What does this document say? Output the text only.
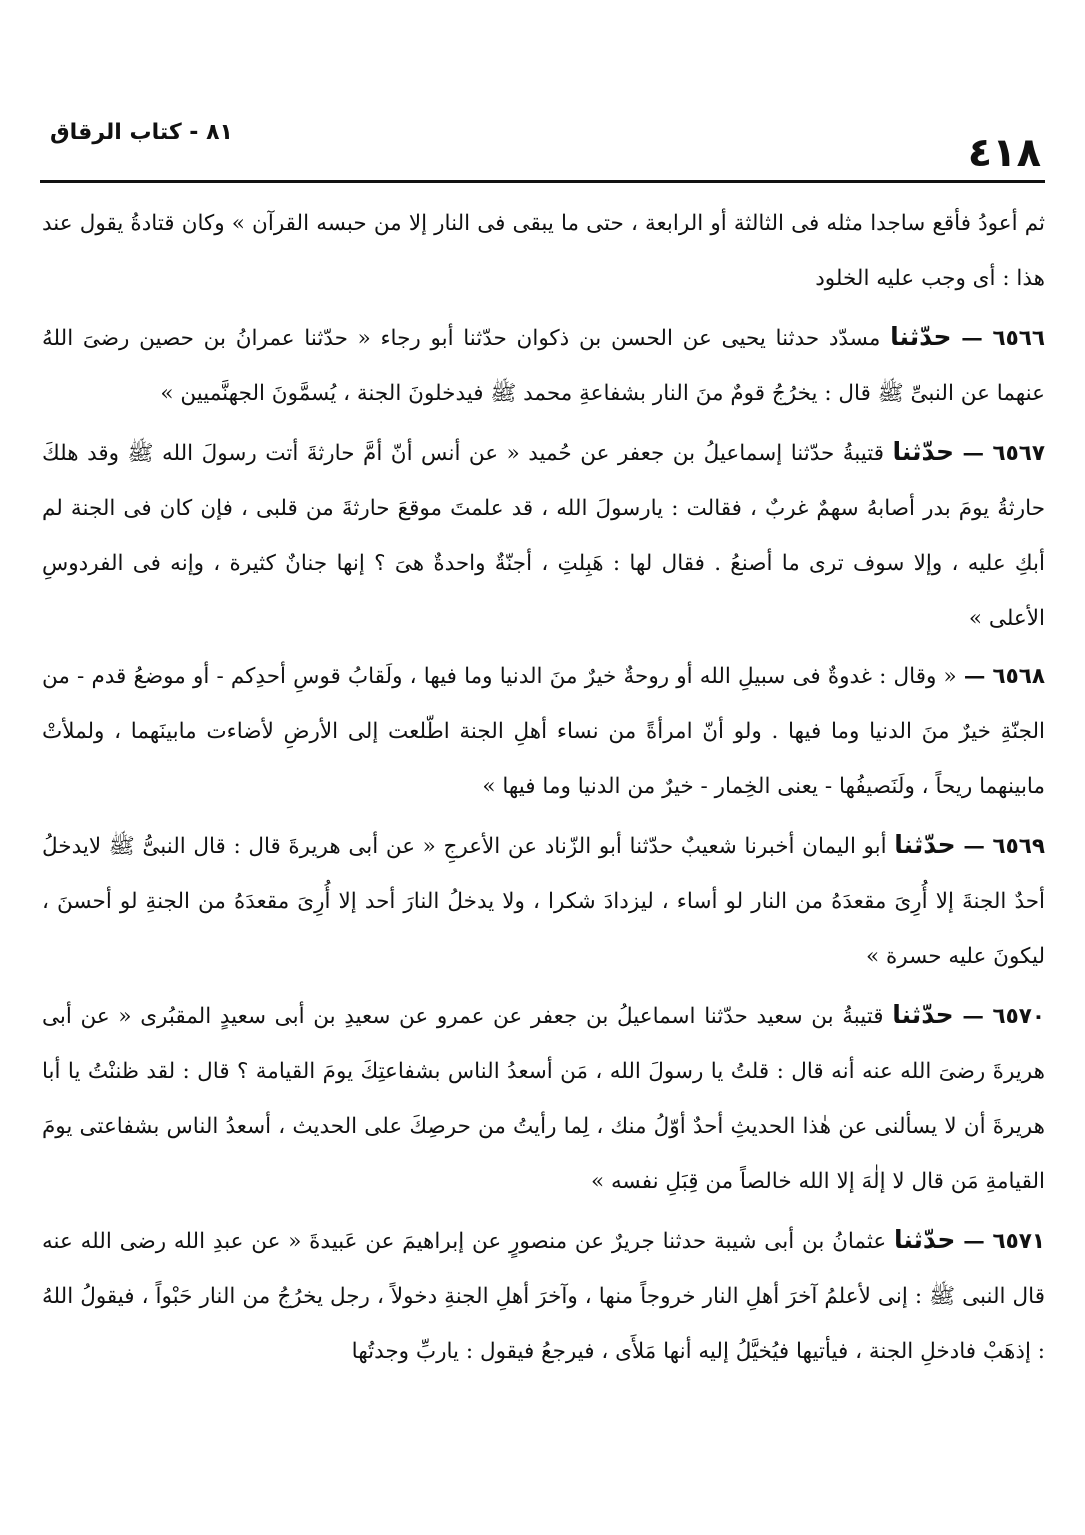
٤١٨
٨١ - كتاب الرقاق

ثم أعودُ فأقع ساجدا مثله فى الثالثة أو الرابعة ، حتى ما يبقى فى النار إلا من حبسه القرآن » وكان قتادةُ يقول عند هذا : أى وجب عليه الخلود

٦٥٦٦ — حدّثنا مسدّد حدثنا يحيى عن الحسن بن ذكوان حدّثنا أبو رجاء « حدّثنا عمرانُ بن حصين رضىَ اللهُ عنهما عن النبىِّ ﷺ قال : يخرُجُ قومٌ منَ النار بشفاعةِ محمد ﷺ فيدخلونَ الجنة ، يُسمَّونَ الجهنَّميين »

٦٥٦٧ — حدّثنا قتيبةُ حدّثنا إسماعيلُ بن جعفر عن حُميد « عن أنس أنّ أمَّ حارثةَ أتت رسولَ الله ﷺ وقد هلكَ حارثةُ يومَ بدر أصابهُ سهمٌ غربٌ ، فقالت : يارسولَ الله ، قد علمتَ موقعَ حارثةَ من قلبى ، فإن كان فى الجنة لم أبكِ عليه ، وإلا سوف ترى ما أصنعُ . فقال لها : هَبِلتِ ، أجنّةٌ واحدةٌ هىَ ؟ إنها جنانٌ كثيرة ، وإنه فى الفردوسِ الأعلى »

٦٥٦٨ — « وقال : غدوةٌ فى سبيلِ الله أو روحةٌ خيرٌ منَ الدنيا وما فيها ، ولَقابُ قوسِ أحدِكم - أو موضعُ قدم - من الجنّةِ خيرٌ منَ الدنيا وما فيها . ولو أنّ امرأةً من نساء أهلِ الجنة اطّلعت إلى الأرضِ لأضاءت مابينَهما ، ولملأتْ مابينهما ريحاً ، ولَنَصيفُها - يعنى الخِمار - خيرٌ من الدنيا وما فيها »

٦٥٦٩ — حدّثنا أبو اليمان أخبرنا شعيبٌ حدّثنا أبو الزّناد عن الأعرجِ « عن أبى هريرةَ قال : قال النبىُّ ﷺ لايدخلُ أحدٌ الجنةَ إلا أُرِىَ مقعدَهُ من النار لو أساء ، ليزدادَ شكرا ، ولا يدخلُ النارَ أحد إلا أُرِىَ مقعدَهُ من الجنةِ لو أحسنَ ، ليكونَ عليه حسرة »

٦٥٧٠ — حدّثنا قتيبةُ بن سعيد حدّثنا اسماعيلُ بن جعفر عن عمرو عن سعيدِ بن أبى سعيدٍ المقبُرى « عن أبى هريرةَ رضىَ الله عنه أنه قال : قلتُ يا رسولَ الله ، مَن أسعدُ الناس بشفاعتِكَ يومَ القيامة ؟ قال : لقد ظننْتُ يا أبا هريرةَ أن لا يسألنى عن هٰذا الحديثِ أحدٌ أوّلُ منك ، لِما رأيتُ من حرصِكَ على الحديث ، أسعدُ الناس بشفاعتى يومَ القيامةِ مَن قال لا إلٰهَ إلا الله خالصاً من قِبَلِ نفسه »

٦٥٧١ — حدّثنا عثمانُ بن أبى شيبة حدثنا جريرٌ عن منصورٍ عن إبراهيمَ عن عَبيدةَ « عن عبدِ الله رضى الله عنه قال النبى ﷺ : إنى لأعلمُ آخرَ أهلِ النار خروجاً منها ، وآخرَ أهلِ الجنةِ دخولاً ، رجل يخرُجُ من النار حَبْواً ، فيقولُ اللهُ : إذهَبْ فادخلِ الجنة ، فيأتيها فيُخيَّلُ إليه أنها مَلأَى ، فيرجعُ فيقول : ياربِّ وجدتُها
